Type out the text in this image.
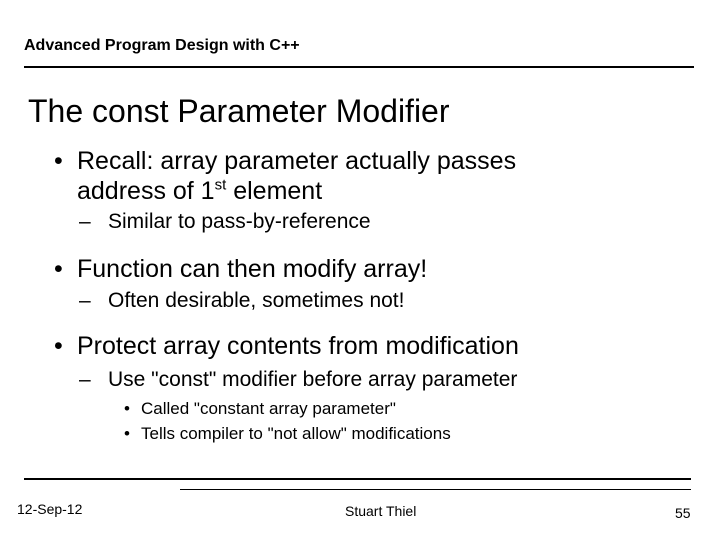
Advanced Program Design with C++
The const Parameter Modifier
• Recall: array parameter actually passes
address of 1st element
– Similar to pass-by-reference
• Function can then modify array!
– Often desirable, sometimes not!
• Protect array contents from modification
– Use "const" modifier before array parameter
• Called "constant array parameter"
• Tells compiler to "not allow" modifications
12-Sep-12	Stuart Thiel	55
